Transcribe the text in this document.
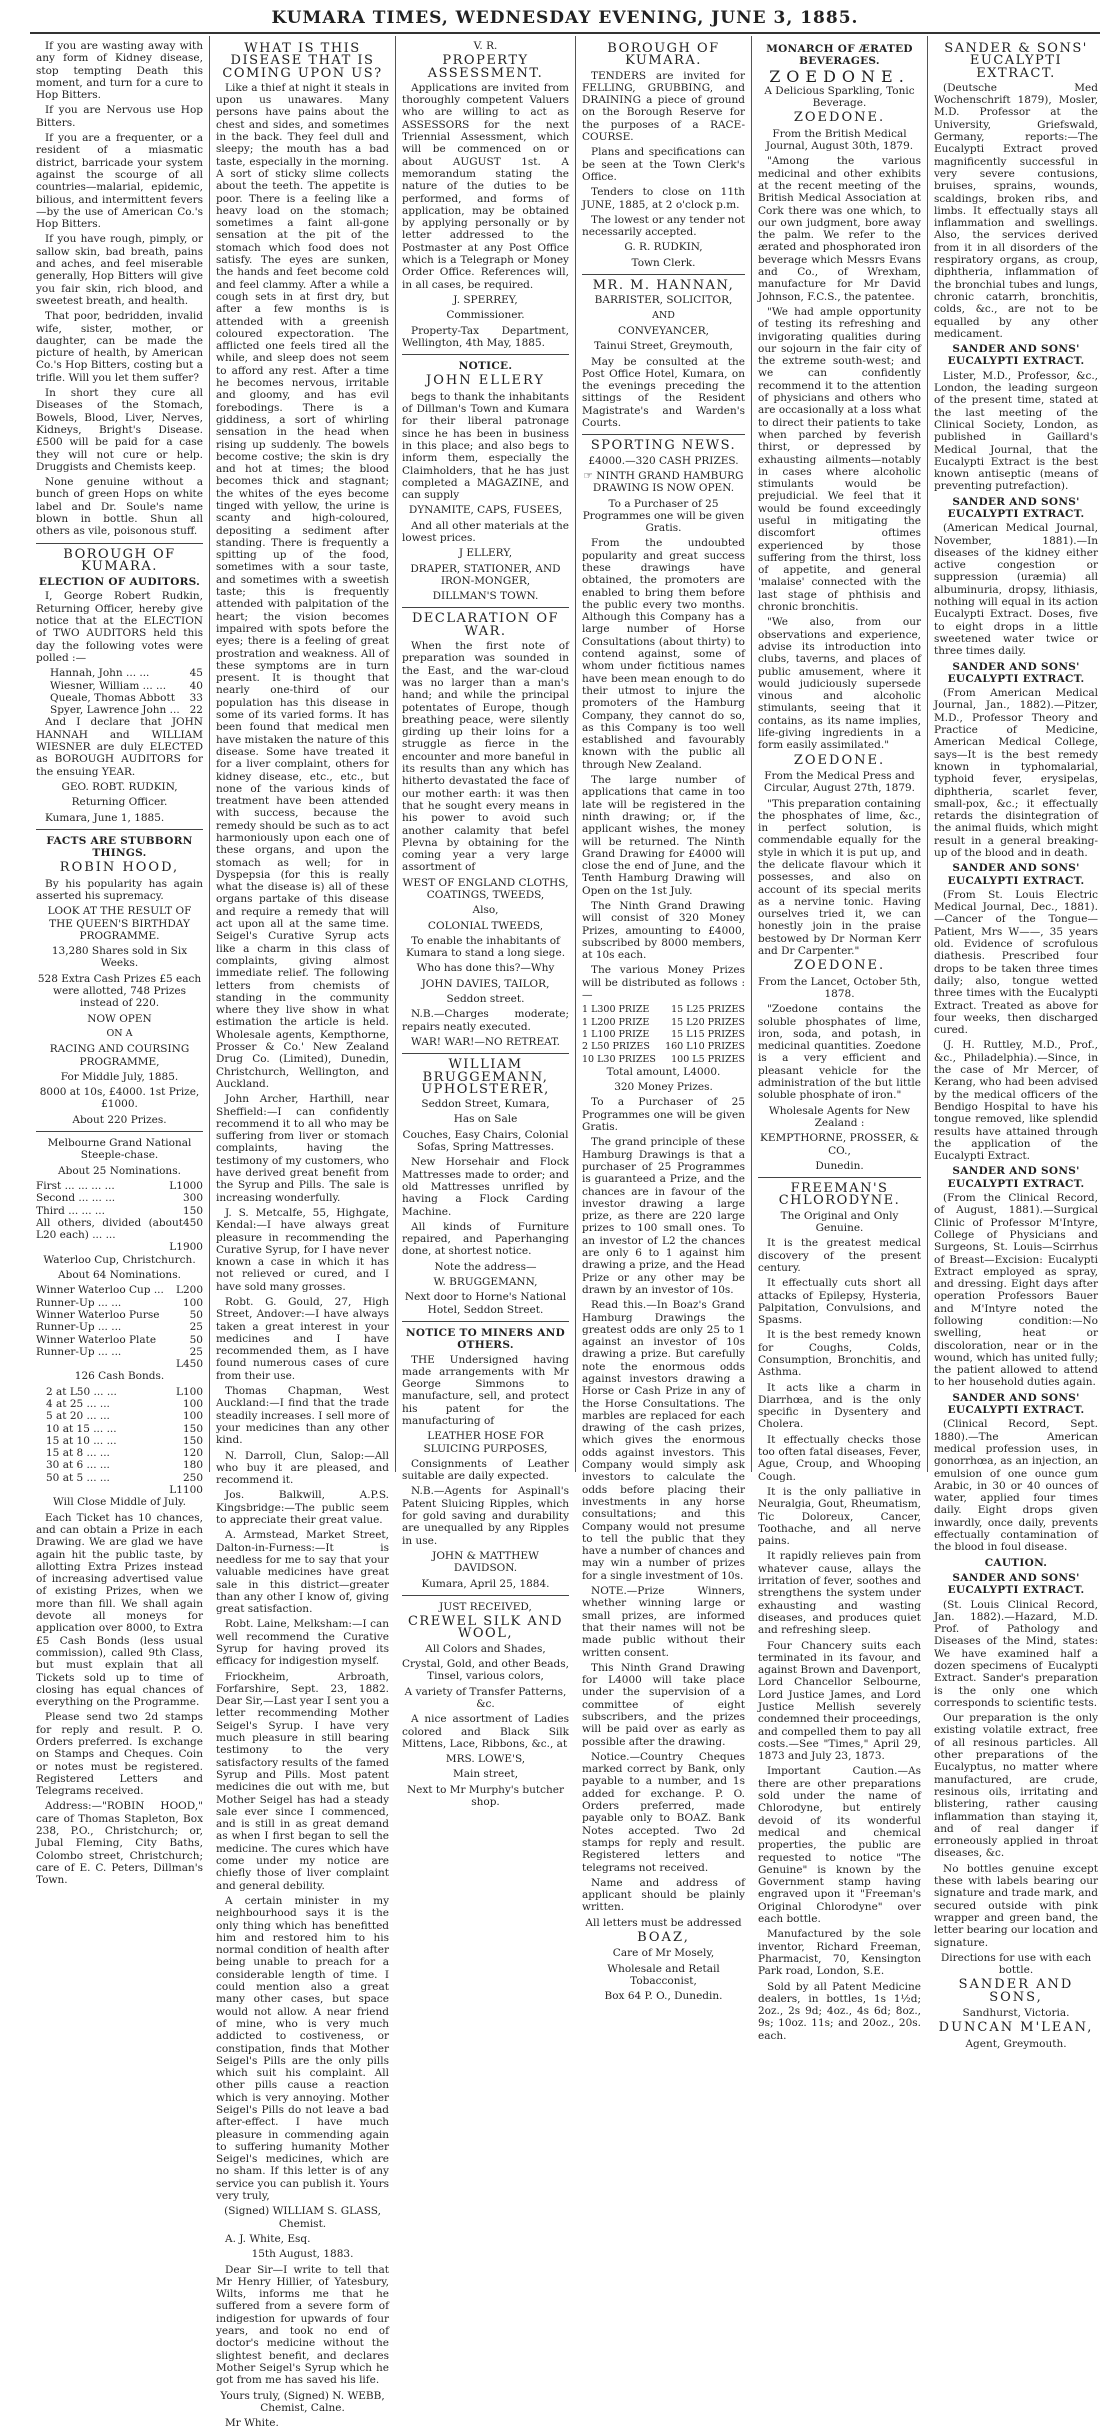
KUMARA TIMES, WEDNESDAY EVENING, JUNE 3, 1885.

If you are wasting away with any form of Kidney disease, stop tempting Death this moment, and turn for a cure to Hop Bitters.

If you are Nervous use Hop Bitters.

If you are a frequenter, or a resident of a miasmatic district, barricade your system against the scourge of all countries—malarial, epidemic, bilious, and intermittent fevers—by the use of American Co.'s Hop Bitters.

If you have rough, pimply, or sallow skin, bad breath, pains and aches, and feel miserable generally, Hop Bitters will give you fair skin, rich blood, and sweetest breath, and health.

That poor, bedridden, invalid wife, sister, mother, or daughter, can be made the picture of health, by American Co.'s Hop Bitters, costing but a trifle. Will you let them suffer?

In short they cure all Diseases of the Stomach, Bowels, Blood, Liver, Nerves, Kidneys, Bright's Disease. £500 will be paid for a case they will not cure or help. Druggists and Chemists keep.

None genuine without a bunch of green Hops on white label and Dr. Soule's name blown in bottle. Shun all others as vile, poisonous stuff.

BOROUGH OF KUMARA.

ELECTION OF AUDITORS.

I, George Robert Rudkin, Returning Officer, hereby give notice that at the ELECTION of TWO AUDITORS held this day the following votes were polled :—

Hannah, John ... ...	45
Wiesner, William ... ... 40
Queale, Thomas Abbott 33
Spyer, Lawrence John ... 22

And I declare that JOHN HANNAH and WILLIAM WIESNER are duly ELECTED as BOROUGH AUDITORS for the ensuing YEAR.

GEO. ROBT. RUDKIN,

Returning Officer.

Kumara, June 1, 1885.

FACTS ARE STUBBORN THINGS.

ROBIN HOOD,

By his popularity has again asserted his supremacy.

LOOK AT THE RESULT OF THE QUEEN'S BIRTHDAY PROGRAMME.

13,280 Shares sold in Six Weeks.

528 Extra Cash Prizes £5 each were allotted, 748 Prizes instead of 220.

NOW OPEN

ON A

RACING AND COURSING PROGRAMME,

For Middle July, 1885.

8000 at 10s, £4000. 1st Prize, £1000.

About 220 Prizes.

Melbourne Grand National Steeple-chase.

About 25 Nominations.

First ... ... ... ...	L1000
Second ... ... ...	300
Third ... ... ...	150
All others, divided (about L20 each) ... ...
450
L1900

Waterloo Cup, Christchurch.

About 64 Nominations.

Winner Waterloo Cup ... L200
Runner-Up ... ...	100
Winner Waterloo Purse	50
Runner-Up ... ...	25
Winner Waterloo Plate	50
Runner-Up ... ...	25
L450

126 Cash Bonds.

2 at L50 ... ...	L100
4 at 25 ... ...	100
5 at 20 ... ...	100
10 at 15 ... ...	150
15 at 10 ... ...	150
15 at 8 ... ...	120
30 at 6 ... ...	180
50 at 5 ... ...	250
L1100

Will Close Middle of July.

Each Ticket has 10 chances, and can obtain a Prize in each Drawing. We are glad we have again hit the public taste, by allotting Extra Prizes instead of increasing advertised value of existing Prizes, when we more than fill. We shall again devote all moneys for application over 8000, to Extra £5 Cash Bonds (less usual commission), called 9th Class, but must explain that all Tickets sold up to time of closing has equal chances of everything on the Programme.

Please send two 2d stamps for reply and result. P. O. Orders preferred. Is exchange on Stamps and Cheques. Coin or notes must be registered. Registered Letters and Telegrams received.

Address:—"ROBIN HOOD," care of Thomas Stapleton, Box 238, P.O., Christchurch; or, Jubal Fleming, City Baths, Colombo street, Christchurch; care of E. C. Peters, Dillman's Town.

WHAT IS THIS DISEASE THAT IS COMING UPON US?

Like a thief at night it steals in upon us unawares. Many persons have pains about the chest and sides, and sometimes in the back. They feel dull and sleepy; the mouth has a bad taste, especially in the morning. A sort of sticky slime collects about the teeth. The appetite is poor. There is a feeling like a heavy load on the stomach; sometimes a faint all-gone sensation at the pit of the stomach which food does not satisfy. The eyes are sunken, the hands and feet become cold and feel clammy. After a while a cough sets in at first dry, but after a few months is is attended with a greenish coloured expectoration. The afflicted one feels tired all the while, and sleep does not seem to afford any rest. After a time he becomes nervous, irritable and gloomy, and has evil forebodings. There is a giddiness, a sort of whirling sensation in the head when rising up suddenly. The bowels become costive; the skin is dry and hot at times; the blood becomes thick and stagnant; the whites of the eyes become tinged with yellow, the urine is scanty and high-coloured, depositing a sediment after standing. There is frequently a spitting up of the food, sometimes with a sour taste, and sometimes with a sweetish taste; this is frequently attended with palpitation of the heart; the vision becomes impaired with spots before the eyes; there is a feeling of great prostration and weakness. All of these symptoms are in turn present. It is thought that nearly one-third of our population has this disease in some of its varied forms. It has been found that medical men have mistaken the nature of this disease. Some have treated it for a liver complaint, others for kidney disease, etc., etc., but none of the various kinds of treatment have been attended with success, because the remedy should be such as to act harmoniously upon each one of these organs, and upon the stomach as well; for in Dyspepsia (for this is really what the disease is) all of these organs partake of this disease and require a remedy that will act upon all at the same time. Seigel's Curative Syrup acts like a charm in this class of complaints, giving almost immediate relief. The following letters from chemists of standing in the community where they live show in what estimation the article is held. Wholesale agents, Kempthorne, Prosser & Co.' New Zealand Drug Co. (Limited), Dunedin, Christchurch, Wellington, and Auckland.

John Archer, Harthill, near Sheffield:—I can confidently recommend it to all who may be suffering from liver or stomach complaints, having the testimony of my customers, who have derived great benefit from the Syrup and Pills. The sale is increasing wonderfully.

J. S. Metcalfe, 55, Highgate, Kendal:—I have always great pleasure in recommending the Curative Syrup, for I have never known a case in which it has not relieved or cured, and I have sold many grosses.

Robt. G. Gould, 27, High Street, Andover:—I have always taken a great interest in your medicines and I have recommended them, as I have found numerous cases of cure from their use.

Thomas Chapman, West Auckland:—I find that the trade steadily increases. I sell more of your medicines than any other kind.

N. Darroll, Clun, Salop:—All who buy it are pleased, and recommend it.

Jos. Balkwill, A.P.S. Kingsbridge:—The public seem to appreciate their great value.

A. Armstead, Market Street, Dalton-in-Furness:—It is needless for me to say that your valuable medicines have great sale in this district—greater than any other I know of, giving great satisfaction.

Robt. Laine, Melksham:—I can well recommend the Curative Syrup for having proved its efficacy for indigestion myself.

Friockheim, Arbroath, Forfarshire, Sept. 23, 1882. Dear Sir,—Last year I sent you a letter recommending Mother Seigel's Syrup. I have very much pleasure in still bearing testimony to the very satisfactory results of the famed Syrup and Pills. Most patent medicines die out with me, but Mother Seigel has had a steady sale ever since I commenced, and is still in as great demand as when I first began to sell the medicine. The cures which have come under my notice are chiefly those of liver complaint and general debility.

A certain minister in my neighbourhood says it is the only thing which has benefitted him and restored him to his normal condition of health after being unable to preach for a considerable length of time. I could mention also a great many other cases, but space would not allow. A near friend of mine, who is very much addicted to costiveness, or constipation, finds that Mother Seigel's Pills are the only pills which suit his complaint. All other pills cause a reaction which is very annoying. Mother Seigel's Pills do not leave a bad after-effect. I have much pleasure in commending again to suffering humanity Mother Seigel's medicines, which are no sham. If this letter is of any service you can publish it. Yours very truly,

(Signed) WILLIAM S. GLASS, Chemist.

A. J. White, Esq.

15th August, 1883.

Dear Sir—I write to tell that Mr Henry Hillier, of Yatesbury, Wilts, informs me that he suffered from a severe form of indigestion for upwards of four years, and took no end of doctor's medicine without the slightest benefit, and declares Mother Seigel's Syrup which he got from me has saved his life.

Yours truly, (Signed) N. WEBB, Chemist, Calne.

Mr White.

V. R.

PROPERTY ASSESSMENT.

Applications are invited from thoroughly competent Valuers who are willing to act as ASSESSORS for the next Triennial Assessment, which will be commenced on or about AUGUST 1st. A memorandum stating the nature of the duties to be performed, and forms of application, may be obtained by applying personally or by letter addressed to the Postmaster at any Post Office which is a Telegraph or Money Order Office. References will, in all cases, be required.

J. SPERREY,

Commissioner.

Property-Tax Department, Wellington, 4th May, 1885.

NOTICE.

JOHN ELLERY

begs to thank the inhabitants of Dillman's Town and Kumara for their liberal patronage since he has been in business in this place; and also begs to inform them, especially the Claimholders, that he has just completed a MAGAZINE, and can supply

DYNAMITE, CAPS, FUSEES,

And all other materials at the lowest prices.

J ELLERY,

DRAPER, STATIONER, AND IRON-MONGER,

DILLMAN'S TOWN.

DECLARATION OF WAR.

When the first note of preparation was sounded in the East, and the war-cloud was no larger than a man's hand; and while the principal potentates of Europe, though breathing peace, were silently girding up their loins for a struggle as fierce in the encounter and more baneful in its results than any which has hitherto devastated the face of our mother earth: it was then that he sought every means in his power to avoid such another calamity that befel Plevna by obtaining for the coming year a very large assortment of

WEST OF ENGLAND CLOTHS, COATINGS, TWEEDS,

Also,

COLONIAL TWEEDS,

To enable the inhabitants of Kumara to stand a long siege.

Who has done this?—Why

JOHN DAVIES, TAILOR,

Seddon street.

N.B.—Charges moderate; repairs neatly executed.

WAR! WAR!—NO RETREAT.

WILLIAM BRUGGEMANN, UPHOLSTERER,

Seddon Street, Kumara,

Has on Sale

Couches, Easy Chairs, Colonial Sofas, Spring Mattresses.

New Horsehair and Flock Mattresses made to order; and old Mattresses unrifled by having a Flock Carding Machine.

All kinds of Furniture repaired, and Paperhanging done, at shortest notice.

Note the address—

W. BRUGGEMANN,

Next door to Horne's National Hotel, Seddon Street.

NOTICE TO MINERS AND OTHERS.

THE Undersigned having made arrangements with Mr George Simmons to manufacture, sell, and protect his patent for the manufacturing of

LEATHER HOSE FOR SLUICING PURPOSES,

Consignments of Leather suitable are daily expected.

N.B.—Agents for Aspinall's Patent Sluicing Ripples, which for gold saving and durability are unequalled by any Ripples in use.

JOHN & MATTHEW DAVIDSON.

Kumara, April 25, 1884.

JUST RECEIVED,

CREWEL SILK AND WOOL,

All Colors and Shades,

Crystal, Gold, and other Beads, Tinsel, various colors,

A variety of Transfer Patterns, &c.

A nice assortment of Ladies colored and Black Silk Mittens, Lace, Ribbons, &c., at

MRS. LOWE'S,

Main street,

Next to Mr Murphy's butcher shop.

BOROUGH OF KUMARA.

TENDERS are invited for FELLING, GRUBBING, and DRAINING a piece of ground on the Borough Reserve for the purposes of a RACE-COURSE.

Plans and specifications can be seen at the Town Clerk's Office.

Tenders to close on 11th JUNE, 1885, at 2 o'clock p.m.

The lowest or any tender not necessarily accepted.

G. R. RUDKIN,

Town Clerk.

MR. M. HANNAN,

BARRISTER, SOLICITOR,

AND

CONVEYANCER,

Tainui Street, Greymouth,

May be consulted at the Post Office Hotel, Kumara, on the evenings preceding the sittings of the Resident Magistrate's and Warden's Courts.

SPORTING NEWS.

£4000.—320 CASH PRIZES.

☞ NINTH GRAND HAMBURG DRAWING IS NOW OPEN.

To a Purchaser of 25 Programmes one will be given Gratis.

From the undoubted popularity and great success these drawings have obtained, the promoters are enabled to bring them before the public every two months. Although this Company has a large number of Horse Consultations (about thirty) to contend against, some of whom under fictitious names have been mean enough to do their utmost to injure the promoters of the Hamburg Company, they cannot do so, as this Company is too well established and favourably known with the public all through New Zealand.

The large number of applications that came in too late will be registered in the ninth drawing; or, if the applicant wishes, the money will be returned. The Ninth Grand Drawing for £4000 will close the end of June, and the Tenth Hamburg Drawing will Open on the 1st July.

The Ninth Grand Drawing will consist of 320 Money Prizes, amounting to £4000, subscribed by 8000 members, at 10s each.

The various Money Prizes will be distributed as follows :—

1 L300 PRIZE 15 L25 PRIZES
1 L200 PRIZE 15 L20 PRIZES
1 L100 PRIZE 15 L15 PRIZES
2 L50 PRIZES 160 L10 PRIZES
10 L30 PRIZES 100 L5 PRIZES

Total amount, L4000.

320 Money Prizes.

To a Purchaser of 25 Programmes one will be given Gratis.

The grand principle of these Hamburg Drawings is that a purchaser of 25 Programmes is guaranteed a Prize, and the chances are in favour of the investor drawing a large prize, as there are 220 large prizes to 100 small ones. To an investor of L2 the chances are only 6 to 1 against him drawing a prize, and the Head Prize or any other may be drawn by an investor of 10s.

Read this.—In Boaz's Grand Hamburg Drawings the greatest odds are only 25 to 1 against an investor of 10s drawing a prize. But carefully note the enormous odds against investors drawing a Horse or Cash Prize in any of the Horse Consultations. The marbles are replaced for each drawing of the cash prizes, which gives the enormous odds against investors. This Company would simply ask investors to calculate the odds before placing their investments in any horse consultations; and this Company would not presume to tell the public that they have a number of chances and may win a number of prizes for a single investment of 10s.

NOTE.—Prize Winners, whether winning large or small prizes, are informed that their names will not be made public without their written consent.

This Ninth Grand Drawing for L4000 will take place under the supervision of a committee of eight subscribers, and the prizes will be paid over as early as possible after the drawing.

Notice.—Country Cheques marked correct by Bank, only payable to a number, and 1s added for exchange. P. O. Orders preferred, made payable only to BOAZ. Bank Notes accepted. Two 2d stamps for reply and result. Registered letters and telegrams not received.

Name and address of applicant should be plainly written.

All letters must be addressed

BOAZ,

Care of Mr Mosely,

Wholesale and Retail Tobacconist,

Box 64 P. O., Dunedin.

MONARCH OF ÆRATED BEVERAGES.

ZOEDONE.

A Delicious Sparkling, Tonic Beverage.

ZOEDONE.

From the British Medical Journal, August 30th, 1879.

"Among the various medicinal and other exhibits at the recent meeting of the British Medical Association at Cork there was one which, to our own judgment, bore away the palm. We refer to the ærated and phosphorated iron beverage which Messrs Evans and Co., of Wrexham, manufacture for Mr David Johnson, F.C.S., the patentee.

"We had ample opportunity of testing its refreshing and invigorating qualities during our sojourn in the fair city of the extreme south-west; and we can confidently recommend it to the attention of physicians and others who are occasionally at a loss what to direct their patients to take when parched by feverish thirst, or depressed by exhausting ailments—notably in cases where alcoholic stimulants would be prejudicial. We feel that it would be found exceedingly useful in mitigating the discomfort oftimes experienced by those suffering from the thirst, loss of appetite, and general 'malaise' connected with the last stage of phthisis and chronic bronchitis.

"We also, from our observations and experience, advise its introduction into clubs, taverns, and places of public amusement, where it would judiciously supersede vinous and alcoholic stimulants, seeing that it contains, as its name implies, life-giving ingredients in a form easily assimilated."

ZOEDONE.

From the Medical Press and Circular, August 27th, 1879.

"This preparation containing the phosphates of lime, &c., in perfect solution, is commendable equally for the style in which it is put up, and the delicate flavour which it possesses, and also on account of its special merits as a nervine tonic. Having ourselves tried it, we can honestly join in the praise bestowed by Dr Norman Kerr and Dr Carpenter."

ZOEDONE.

From the Lancet, October 5th, 1878.

"Zoedone contains the soluble phosphates of lime, iron, soda, and potash, in medicinal quantities. Zoedone is a very efficient and pleasant vehicle for the administration of the but little soluble phosphate of iron."

Wholesale Agents for New Zealand :

KEMPTHORNE, PROSSER, & CO.,

Dunedin.

FREEMAN'S CHLORODYNE.

The Original and Only Genuine.

It is the greatest medical discovery of the present century.

It effectually cuts short all attacks of Epilepsy, Hysteria, Palpitation, Convulsions, and Spasms.

It is the best remedy known for Coughs, Colds, Consumption, Bronchitis, and Asthma.

It acts like a charm in Diarrhœa, and is the only specific in Dysentery and Cholera.

It effectually checks those too often fatal diseases, Fever, Ague, Croup, and Whooping Cough.

It is the only palliative in Neuralgia, Gout, Rheumatism, Tic Doloreux, Cancer, Toothache, and all nerve pains.

It rapidly relieves pain from whatever cause, allays the irritation of fever, soothes and strengthens the system under exhausting and wasting diseases, and produces quiet and refreshing sleep.

Four Chancery suits each terminated in its favour, and against Brown and Davenport, Lord Chancellor Selbourne, Lord Justice James, and Lord Justice Mellish severely condemned their proceedings, and compelled them to pay all costs.—See "Times," April 29, 1873 and July 23, 1873.

Important Caution.—As there are other preparations sold under the name of Chlorodyne, but entirely devoid of its wonderful medical and chemical properties, the public are requested to notice "The Genuine" is known by the Government stamp having engraved upon it "Freeman's Original Chlorodyne" over each bottle.

Manufactured by the sole inventor, Richard Freeman, Pharmacist, 70, Kensington Park road, London, S.E.

Sold by all Patent Medicine dealers, in bottles, 1s 1½d; 2oz., 2s 9d; 4oz., 4s 6d; 8oz., 9s; 10oz. 11s; and 20oz., 20s. each.

SANDER & SONS' EUCALYPTI EXTRACT.

(Deutsche Med Wochenschrift 1879), Mosler, M.D. Professor at the University, Griefswald, Germany, reports:—The Eucalypti Extract proved magnificently successful in very severe contusions, bruises, sprains, wounds, scaldings, broken ribs, and limbs. It effectually stays all inflammation and swellings. Also, the services derived from it in all disorders of the respiratory organs, as croup, diphtheria, inflammation of the bronchial tubes and lungs, chronic catarrh, bronchitis, colds, &c., are not to be equalled by any other medicament.

SANDER AND SONS' EUCALYPTI EXTRACT.

Lister, M.D., Professor, &c., London, the leading surgeon of the present time, stated at the last meeting of the Clinical Society, London, as published in Gaillard's Medical Journal, that the Eucalypti Extract is the best known antiseptic (means of preventing putrefaction).

SANDER AND SONS' EUCALYPTI EXTRACT.

(American Medical Journal, November, 1881).—In diseases of the kidney either active congestion or suppression (uræmia) all albuminuria, dropsy, lithiasis, nothing will equal in its action Eucalypti Extract. Doses, five to eight drops in a little sweetened water twice or three times daily.

SANDER AND SONS' EUCALYPTI EXTRACT.

(From American Medical Journal, Jan., 1882).—Pitzer, M.D., Professor Theory and Practice of Medicine, American Medical College, says—It is the best remedy known in typhomalarial, typhoid fever, erysipelas, diphtheria, scarlet fever, small-pox, &c.; it effectually retards the disintegration of the animal fluids, which might result in a general breaking-up of the blood and in death.

SANDER AND SONS' EUCALYPTI EXTRACT.

(From St. Louis Electric Medical Journal, Dec., 1881).—Cancer of the Tongue—Patient, Mrs W——, 35 years old. Evidence of scrofulous diathesis. Prescribed four drops to be taken three times daily; also, tongue wetted three times with the Eucalypti Extract. Treated as above for four weeks, then discharged cured.

(J. H. Ruttley, M.D., Prof., &c., Philadelphia).—Since, in the case of Mr Mercer, of Kerang, who had been advised by the medical officers of the Bendigo Hospital to have his tongue removed, like splendid results have attained through the application of the Eucalypti Extract.

SANDER AND SONS' EUCALYPTI EXTRACT.

(From the Clinical Record, of August, 1881).—Surgical Clinic of Professor M'Intyre, College of Physicians and Surgeons, St. Louis—Scirrhus of Breast—Excision: Eucalypti Extract employed as spray, and dressing. Eight days after operation Professors Bauer and M'Intyre noted the following condition:—No swelling, heat or discoloration, near or in the wound, which has united fully; the patient allowed to attend to her household duties again.

SANDER AND SONS' EUCALYPTI EXTRACT.

(Clinical Record, Sept. 1880).—The American medical profession uses, in gonorrhœa, as an injection, an emulsion of one ounce gum Arabic, in 30 or 40 ounces of water, applied four times daily. Eight drops given inwardly, once daily, prevents effectually contamination of the blood in foul disease.

CAUTION.

SANDER AND SONS' EUCALYPTI EXTRACT.

(St. Louis Clinical Record, Jan. 1882).—Hazard, M.D. Prof. of Pathology and Diseases of the Mind, states: We have examined half a dozen specimens of Eucalypti Extract. Sander's preparation is the only one which corresponds to scientific tests.

Our preparation is the only existing volatile extract, free of all resinous particles. All other preparations of the Eucalyptus, no matter where manufactured, are crude, resinous oils, irritating and blistering, rather causing inflammation than staying it, and of real danger if erroneously applied in throat diseases, &c.

No bottles genuine except these with labels bearing our signature and trade mark, and secured outside with pink wrapper and green band, the letter bearing our location and signature.

Directions for use with each bottle.

SANDER AND SONS,

Sandhurst, Victoria.

DUNCAN M'LEAN,

Agent, Greymouth.
